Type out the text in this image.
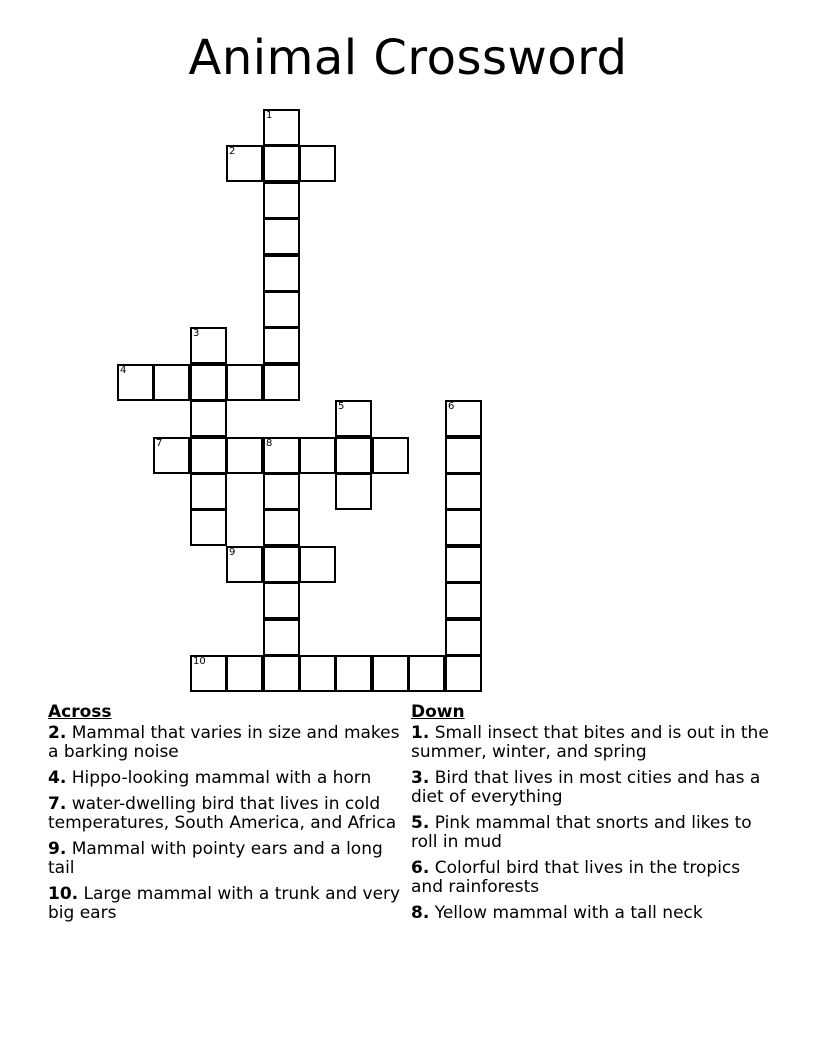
Animal Crossword
1
2
3
4
5	6
7	8
9
10
Across
2. Mammal that varies in size and makes a barking noise
4. Hippo-looking mammal with a horn
7. water-dwelling bird that lives in cold temperatures, South America, and Africa
9. Mammal with pointy ears and a long tail
10. Large mammal with a trunk and very big ears
Down
1. Small insect that bites and is out in the summer, winter, and spring
3. Bird that lives in most cities and has a diet of everything
5. Pink mammal that snorts and likes to roll in mud
6. Colorful bird that lives in the tropics and rainforests
8. Yellow mammal with a tall neck
